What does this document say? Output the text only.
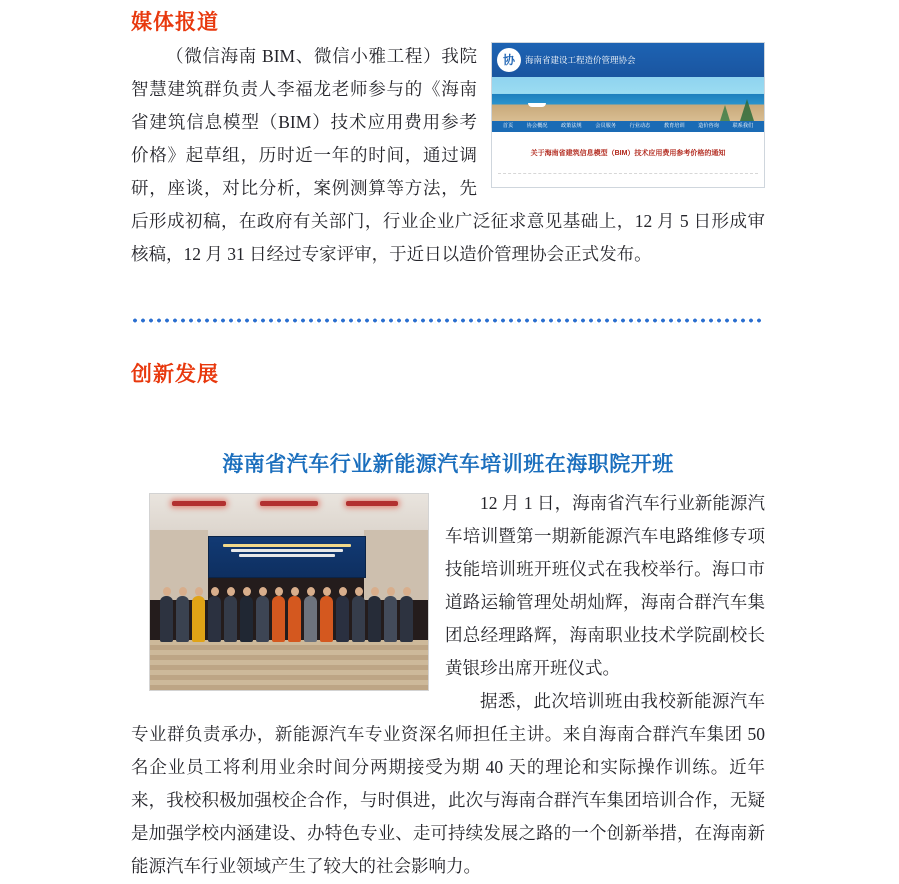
媒体报道
协	海南省建设工程造价管理协会
首页	协会概况	政策法规	会员服务	行业动态	教育培训	造价咨询	联系我们
关于海南省建筑信息模型（BIM）技术应用费用参考价格的通知

（微信海南 BIM、微信小雅工程）我院智慧建筑群负责人李福龙老师参与的《海南省建筑信息模型（BIM）技术应用费用参考价格》起草组，历时近一年的时间，通过调研，座谈，对比分析，案例测算等方法，先后形成初稿，在政府有关部门，行业企业广泛征求意见基础上，12 月 5 日形成审核稿，12 月 31 日经过专家评审，于近日以造价管理协会正式发布。

创新发展
海南省汽车行业新能源汽车培训班在海职院开班

12 月 1 日，海南省汽车行业新能源汽车培训暨第一期新能源汽车电路维修专项技能培训班开班仪式在我校举行。海口市道路运输管理处胡灿辉，海南合群汽车集团总经理路辉，海南职业技术学院副校长黄银珍出席开班仪式。

据悉，此次培训班由我校新能源汽车专业群负责承办，新能源汽车专业资深名师担任主讲。来自海南合群汽车集团 50 名企业员工将利用业余时间分两期接受为期 40 天的理论和实际操作训练。近年来，我校积极加强校企合作，与时俱进，此次与海南合群汽车集团培训合作，无疑是加强学校内涵建设、办特色专业、走可持续发展之路的一个创新举措，在海南新能源汽车行业领域产生了较大的社会影响力。
